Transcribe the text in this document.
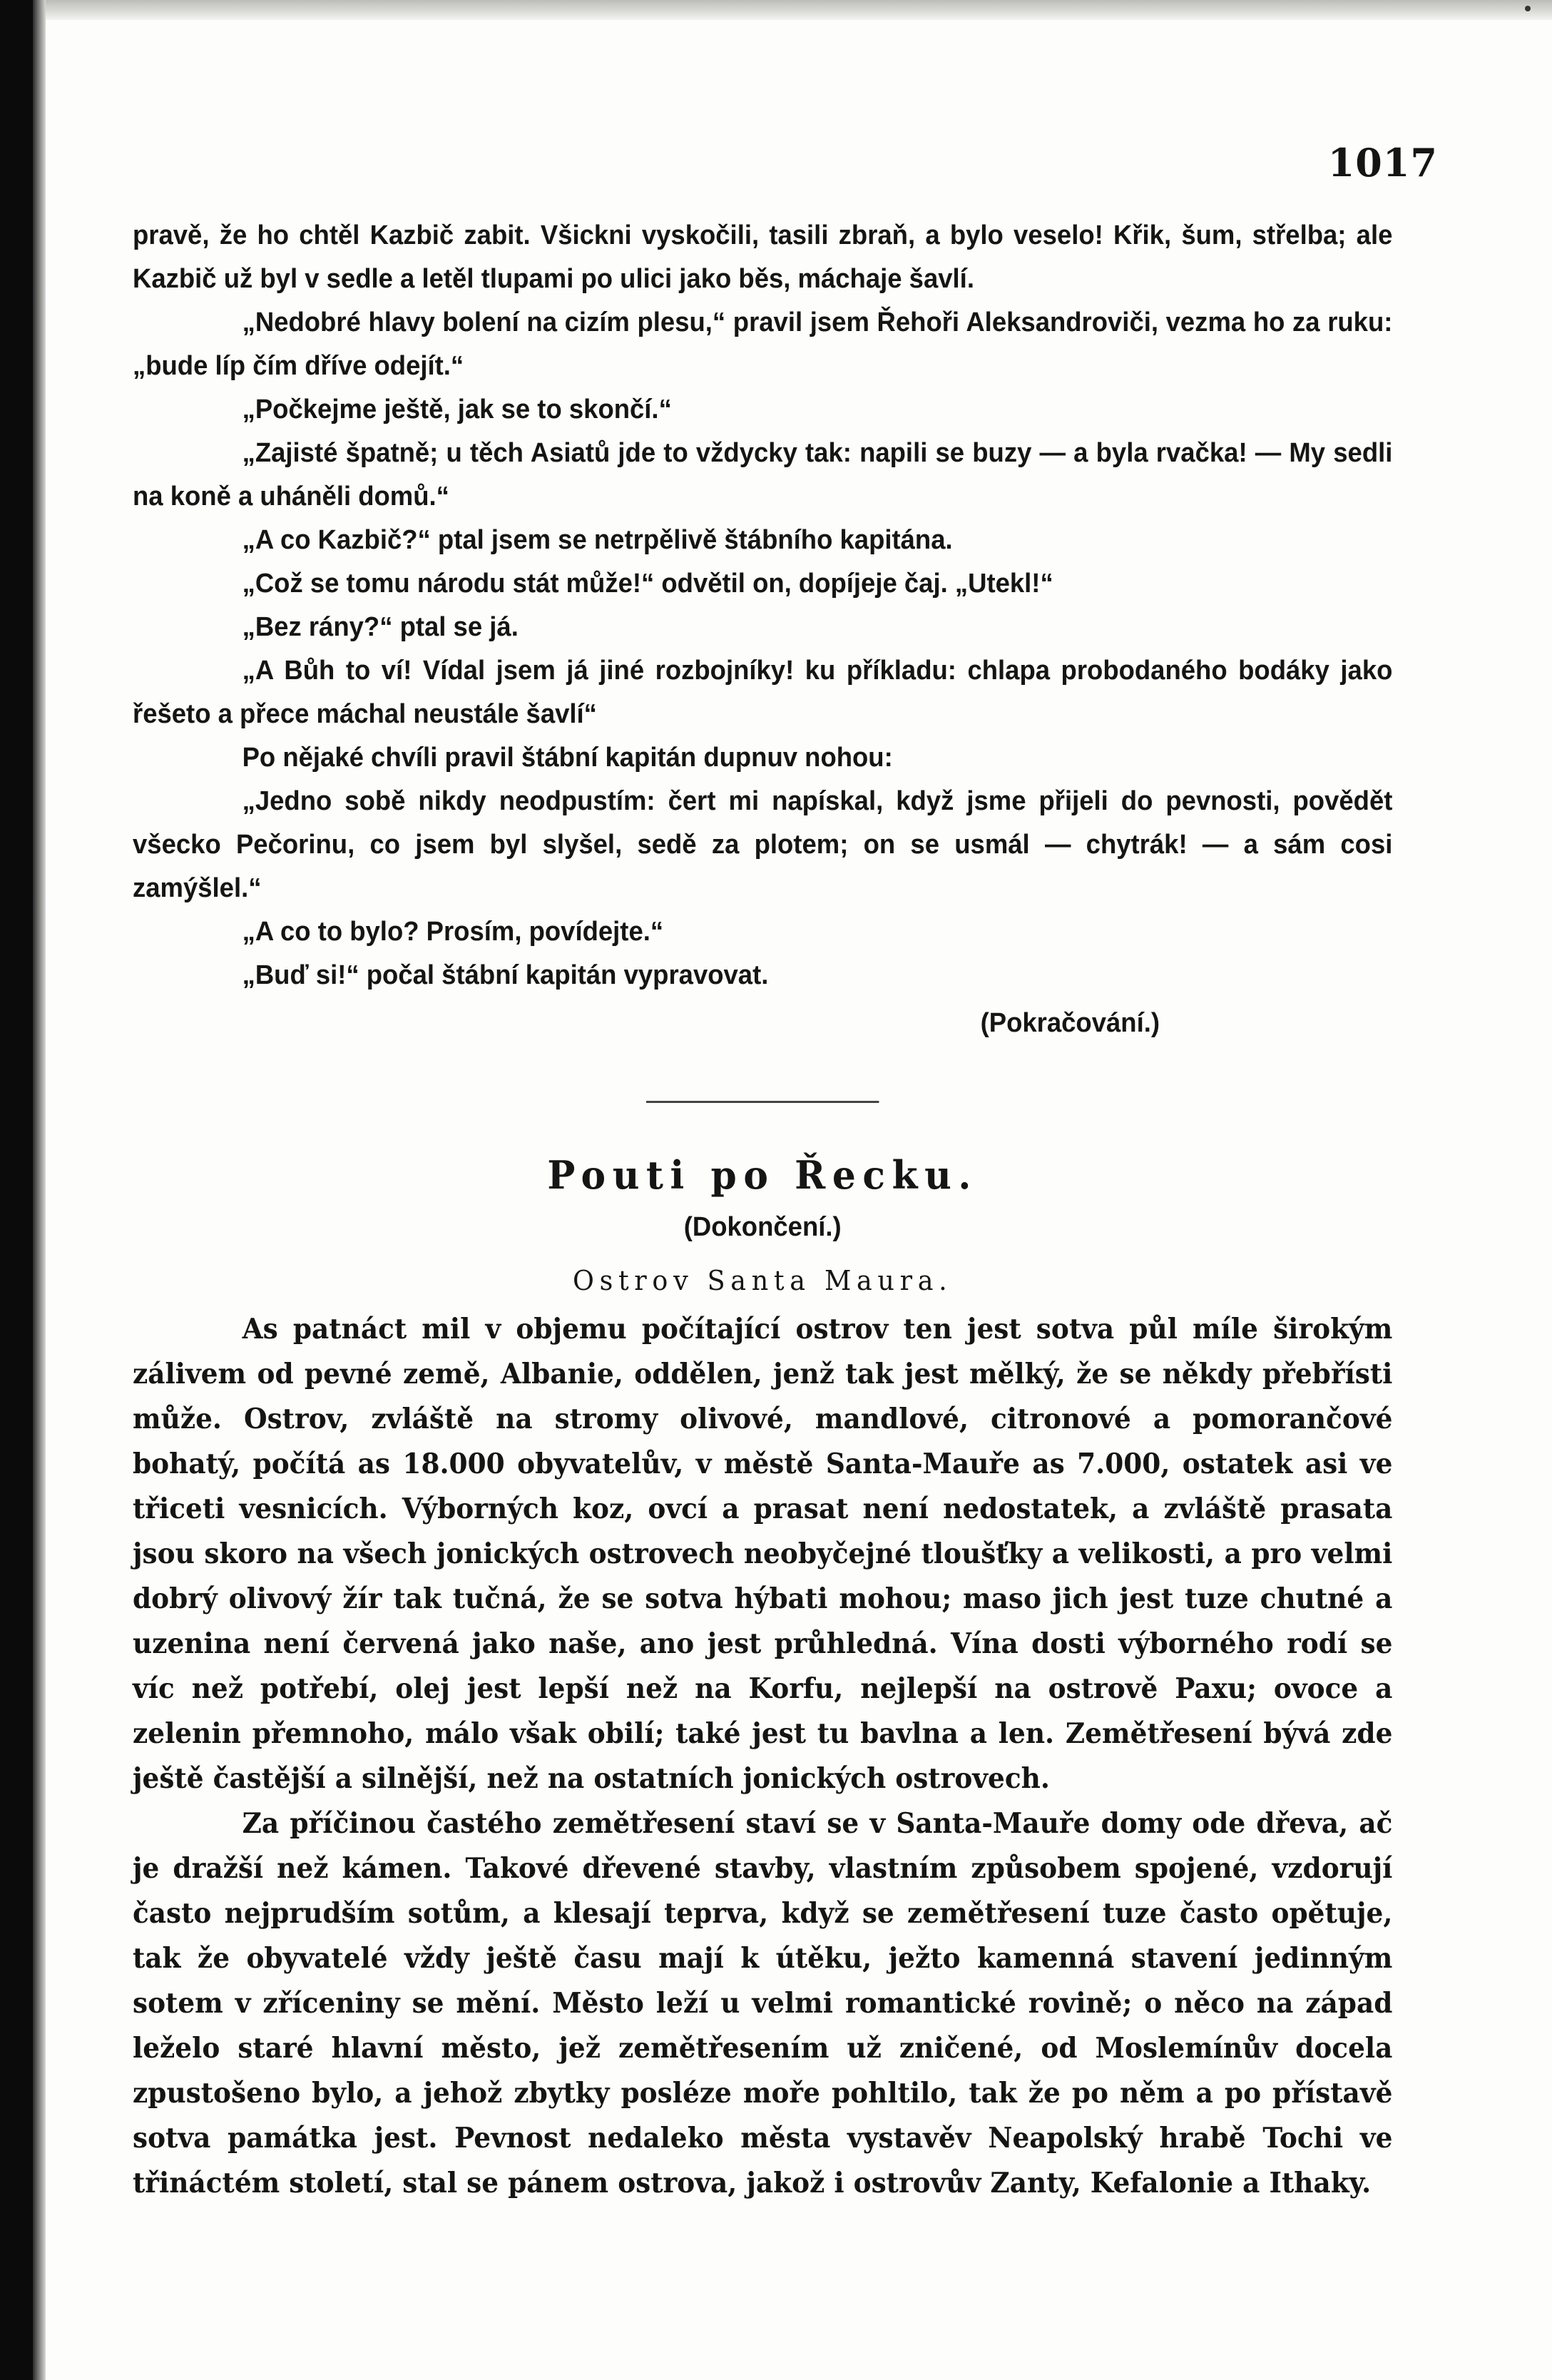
1017

pravě, že ho chtěl Kazbič zabit. Všickni vyskočili, tasili zbraň, a bylo veselo! Křik, šum, střelba; ale Kazbič už byl v sedle a letěl tlupami po ulici jako běs, máchaje šavlí.

„Nedobré hlavy bolení na cizím plesu,“ pravil jsem Řehoři Aleksandroviči, vezma ho za ruku: „bude líp čím dříve odejít.“

„Počkejme ještě, jak se to skončí.“

„Zajisté špatně; u těch Asiatů jde to vždycky tak: napili se buzy — a byla rvačka! — My sedli na koně a uháněli domů.“

„A co Kazbič?“ ptal jsem se netrpělivě štábního kapitána.

„Což se tomu národu stát může!“ odvětil on, dopíjeje čaj. „Utekl!“

„Bez rány?“ ptal se já.

„A Bůh to ví! Vídal jsem já jiné rozbojníky! ku příkladu: chlapa probodaného bodáky jako řešeto a přece máchal neustále šavlí“

Po nějaké chvíli pravil štábní kapitán dupnuv nohou:

„Jedno sobě nikdy neodpustím: čert mi napískal, když jsme přijeli do pevnosti, povědět všecko Pečorinu, co jsem byl slyšel, sedě za plotem; on se usmál — chytrák! — a sám cosi zamýšlel.“

„A co to bylo? Prosím, povídejte.“

„Buď si!“ počal štábní kapitán vypravovat.

(Pokračování.)

Pouti po Řecku.

(Dokončení.)

Ostrov Santa Maura.

As patnáct mil v objemu počítající ostrov ten jest sotva půl míle širokým zálivem od pevné země, Albanie, oddělen, jenž tak jest mělký, že se někdy přebřísti může. Ostrov, zvláště na stromy olivové, mandlové, citronové a pomorančové bohatý, počítá as 18.000 obyvatelův, v městě Santa-Mauře as 7.000, ostatek asi ve třiceti vesnicích. Výborných koz, ovcí a prasat není nedostatek, a zvláště prasata jsou skoro na všech jonických ostrovech neobyčejné tloušťky a velikosti, a pro velmi dobrý olivový žír tak tučná, že se sotva hýbati mohou; maso jich jest tuze chutné a uzenina není červená jako naše, ano jest průhledná. Vína dosti výborného rodí se víc než potřebí, olej jest lepší než na Korfu, nejlepší na ostrově Paxu; ovoce a zelenin přemnoho, málo však obilí; také jest tu bavlna a len. Zemětřesení bývá zde ještě častější a silnější, než na ostatních jonických ostrovech.

Za příčinou častého zemětřesení staví se v Santa-Mauře domy ode dřeva, ač je dražší než kámen. Takové dřevené stavby, vlastním způsobem spojené, vzdorují často nejprudším sotům, a klesají teprva, když se zemětřesení tuze často opětuje, tak že obyvatelé vždy ještě času mají k útěku, ježto kamenná stavení jedinným sotem v zříceniny se mění. Město leží u velmi romantické rovině; o něco na západ leželo staré hlavní město, jež zemětřesením už zničené, od Moslemínův docela zpustošeno bylo, a jehož zbytky posléze moře pohltilo, tak že po něm a po přístavě sotva památka jest. Pevnost nedaleko města vystavěv Neapolský hrabě Tochi ve třináctém století, stal se pánem ostrova, jakož i ostrovův Zanty, Kefalonie a Ithaky.
